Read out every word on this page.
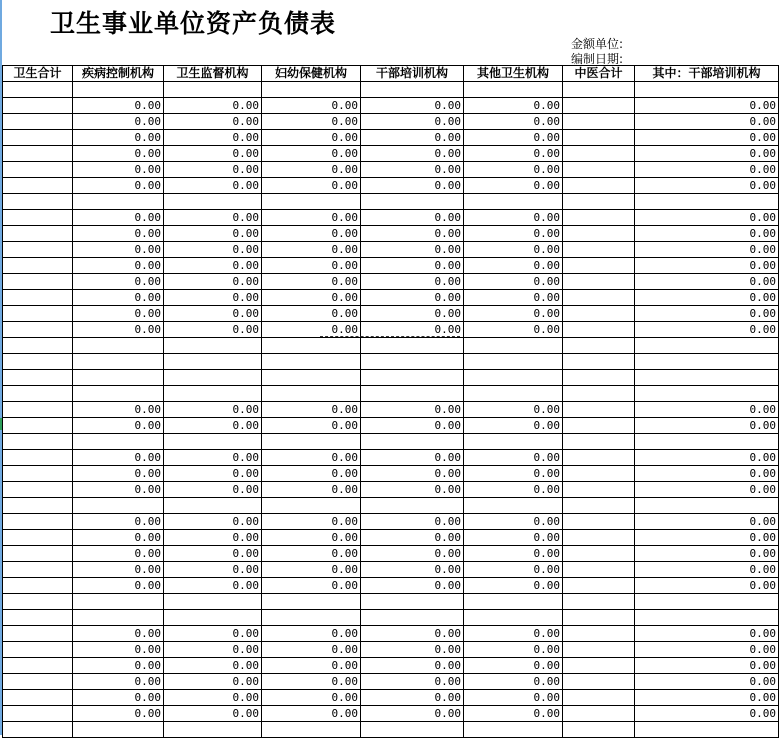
卫生事业单位资产负债表
金额单位:
编制日期:
卫生合计	疾病控制机构	卫生监督机构	妇幼保健机构	干部培训机构	其他卫生机构	中医合计	其中：干部培训机构

	0.00	0.00	0.00	0.00	0.00		0.00
	0.00	0.00	0.00	0.00	0.00		0.00
	0.00	0.00	0.00	0.00	0.00		0.00
	0.00	0.00	0.00	0.00	0.00		0.00
	0.00	0.00	0.00	0.00	0.00		0.00
	0.00	0.00	0.00	0.00	0.00		0.00

	0.00	0.00	0.00	0.00	0.00		0.00
	0.00	0.00	0.00	0.00	0.00		0.00
	0.00	0.00	0.00	0.00	0.00		0.00
	0.00	0.00	0.00	0.00	0.00		0.00
	0.00	0.00	0.00	0.00	0.00		0.00
	0.00	0.00	0.00	0.00	0.00		0.00
	0.00	0.00	0.00	0.00	0.00		0.00
	0.00	0.00	0.00	0.00	0.00		0.00

	0.00	0.00	0.00	0.00	0.00		0.00
	0.00	0.00	0.00	0.00	0.00		0.00

	0.00	0.00	0.00	0.00	0.00		0.00
	0.00	0.00	0.00	0.00	0.00		0.00
	0.00	0.00	0.00	0.00	0.00		0.00

	0.00	0.00	0.00	0.00	0.00		0.00
	0.00	0.00	0.00	0.00	0.00		0.00
	0.00	0.00	0.00	0.00	0.00		0.00
	0.00	0.00	0.00	0.00	0.00		0.00
	0.00	0.00	0.00	0.00	0.00		0.00

	0.00	0.00	0.00	0.00	0.00		0.00
	0.00	0.00	0.00	0.00	0.00		0.00
	0.00	0.00	0.00	0.00	0.00		0.00
	0.00	0.00	0.00	0.00	0.00		0.00
	0.00	0.00	0.00	0.00	0.00		0.00
	0.00	0.00	0.00	0.00	0.00		0.00
